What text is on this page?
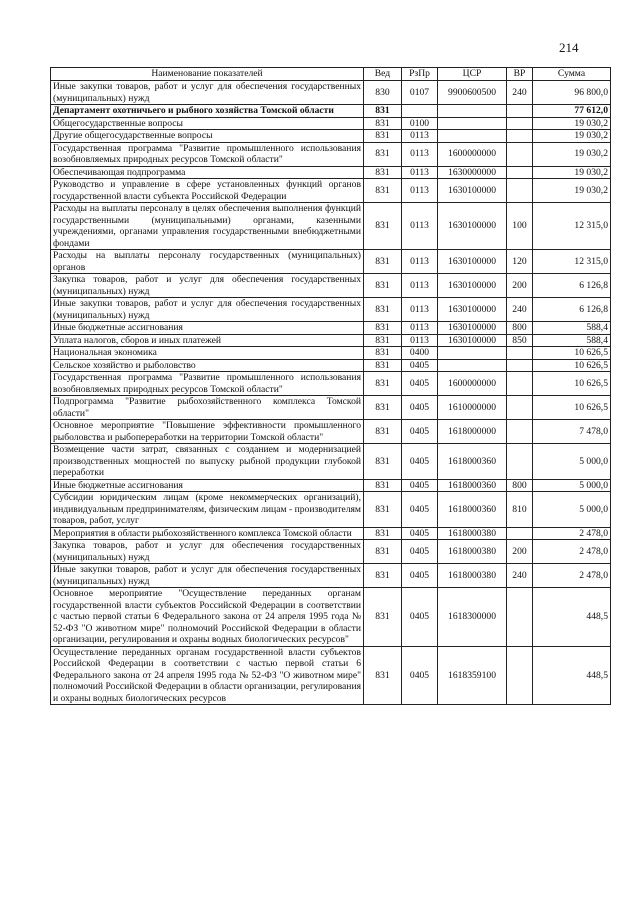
214
Наименование показателей	Вед	РзПр	ЦСР	ВР	Сумма
Иные закупки товаров, работ и услуг для обеспечения государственных (муниципальных) нужд	830	0107	9900600500	240	96 800,0
Департамент охотничьего и рыбного хозяйства Томской области	831				77 612,0
Общегосударственные вопросы	831	0100			19 030,2
Другие общегосударственные вопросы	831	0113			19 030,2
Государственная программа "Развитие промышленного использования возобновляемых природных ресурсов Томской области"	831	0113	1600000000		19 030,2
Обеспечивающая подпрограмма	831	0113	1630000000		19 030,2
Руководство и управление в сфере установленных функций органов государственной власти субъекта Российской Федерации	831	0113	1630100000		19 030,2
Расходы на выплаты персоналу в целях обеспечения выполнения функций государственными (муниципальными) органами, казенными учреждениями, органами управления государственными внебюджетными фондами	831	0113	1630100000	100	12 315,0
Расходы на выплаты персоналу государственных (муниципальных) органов	831	0113	1630100000	120	12 315,0
Закупка товаров, работ и услуг для обеспечения государственных (муниципальных) нужд	831	0113	1630100000	200	6 126,8
Иные закупки товаров, работ и услуг для обеспечения государственных (муниципальных) нужд	831	0113	1630100000	240	6 126,8
Иные бюджетные ассигнования	831	0113	1630100000	800	588,4
Уплата налогов, сборов и иных платежей	831	0113	1630100000	850	588,4
Национальная экономика	831	0400			10 626,5
Сельское хозяйство и рыболовство	831	0405			10 626,5
Государственная программа "Развитие промышленного использования возобновляемых природных ресурсов Томской области"	831	0405	1600000000		10 626,5
Подпрограмма "Развитие рыбохозяйственного комплекса Томской области"	831	0405	1610000000		10 626,5
Основное мероприятие "Повышение эффективности промышленного рыболовства и рыбопереработки на территории Томской области"	831	0405	1618000000		7 478,0
Возмещение части затрат, связанных с созданием и модернизацией производственных мощностей по выпуску рыбной продукции глубокой переработки	831	0405	1618000360		5 000,0
Иные бюджетные ассигнования	831	0405	1618000360	800	5 000,0
Субсидии юридическим лицам (кроме некоммерческих организаций), индивидуальным предпринимателям, физическим лицам - производителям товаров, работ, услуг	831	0405	1618000360	810	5 000,0
Мероприятия в области рыбохозяйственного комплекса Томской области	831	0405	1618000380		2 478,0
Закупка товаров, работ и услуг для обеспечения государственных (муниципальных) нужд	831	0405	1618000380	200	2 478,0
Иные закупки товаров, работ и услуг для обеспечения государственных (муниципальных) нужд	831	0405	1618000380	240	2 478,0
Основное мероприятие "Осуществление переданных органам государственной власти субъектов Российской Федерации в соответствии с частью первой статьи 6 Федерального закона от 24 апреля 1995 года № 52-ФЗ "О животном мире" полномочий Российской Федерации в области организации, регулирования и охраны водных биологических ресурсов"	831	0405	1618300000		448,5
Осуществление переданных органам государственной власти субъектов Российской Федерации в соответствии с частью первой статьи 6 Федерального закона от 24 апреля 1995 года № 52-ФЗ "О животном мире" полномочий Российской Федерации в области организации, регулирования и охраны водных биологических ресурсов	831	0405	1618359100		448,5
